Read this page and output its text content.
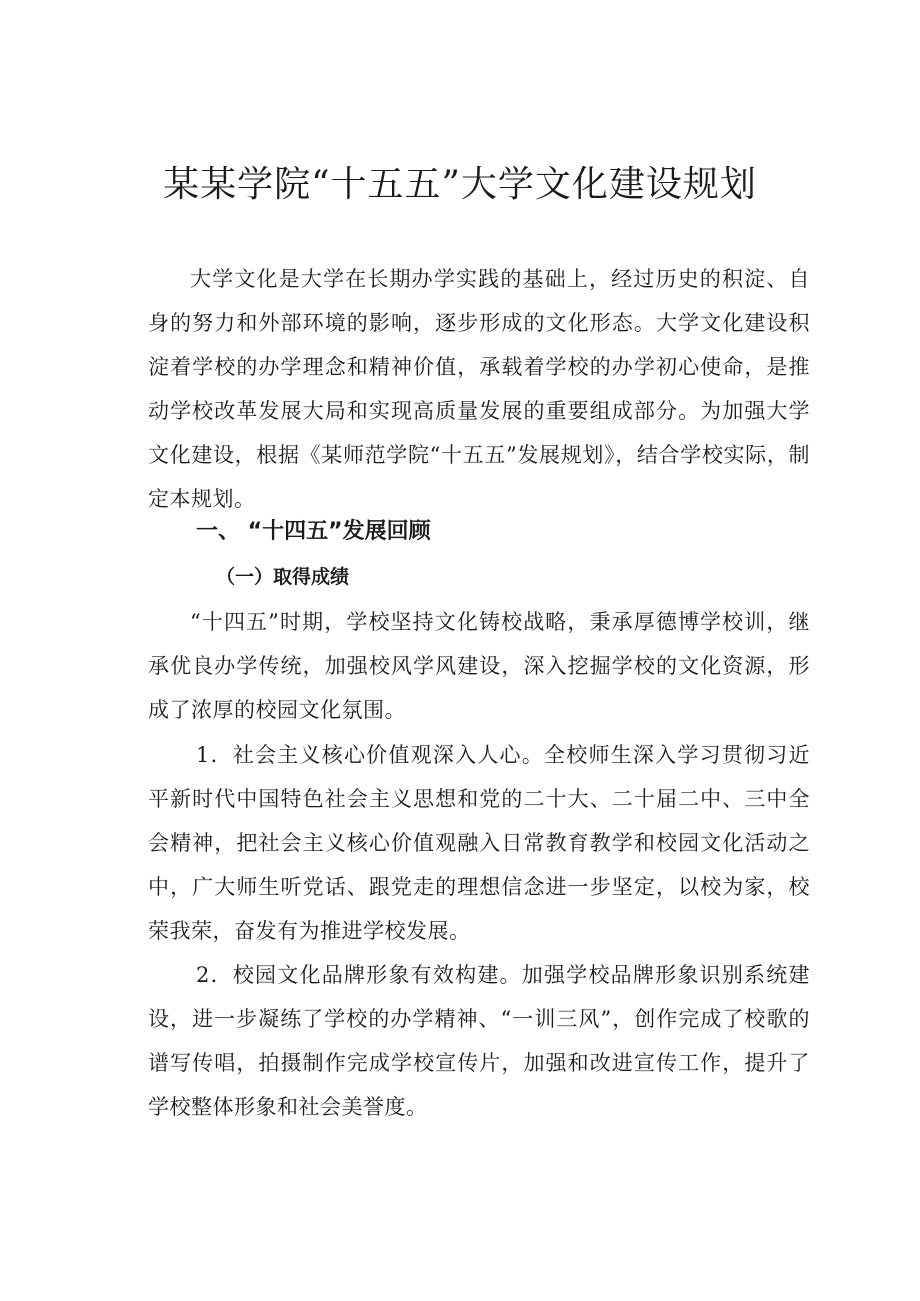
某某学院“十五五”大学文化建设规划

大学文化是大学在长期办学实践的基础上，经过历史的积淀、自身的努力和外部环境的影响，逐步形成的文化形态。大学文化建设积淀着学校的办学理念和精神价值，承载着学校的办学初心使命，是推动学校改革发展大局和实现高质量发展的重要组成部分。为加强大学文化建设，根据《某师范学院“十五五”发展规划》，结合学校实际，制定本规划。

一、 “十四五”发展回顾
（一）取得成绩

“十四五”时期，学校坚持文化铸校战略，秉承厚德博学校训，继承优良办学传统，加强校风学风建设，深入挖掘学校的文化资源，形成了浓厚的校园文化氛围。

1．社会主义核心价值观深入人心。全校师生深入学习贯彻习近平新时代中国特色社会主义思想和党的二十大、二十届二中、三中全会精神，把社会主义核心价值观融入日常教育教学和校园文化活动之中，广大师生听党话、跟党走的理想信念进一步坚定，以校为家，校荣我荣，奋发有为推进学校发展。

2．校园文化品牌形象有效构建。加强学校品牌形象识别系统建设，进一步凝练了学校的办学精神、“一训三风”，创作完成了校歌的谱写传唱，拍摄制作完成学校宣传片，加强和改进宣传工作，提升了学校整体形象和社会美誉度。
